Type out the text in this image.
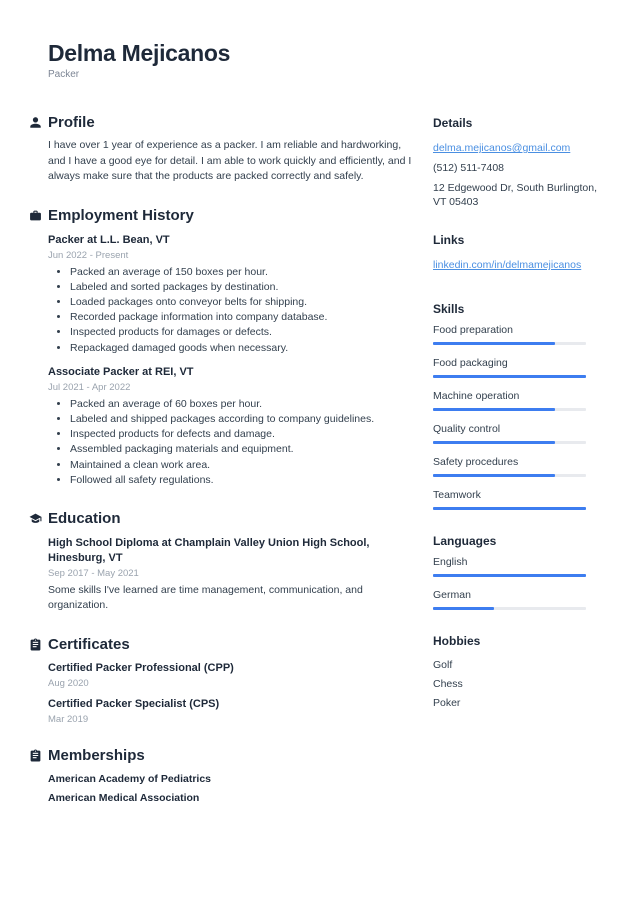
Delma Mejicanos
Packer
Profile

I have over 1 year of experience as a packer. I am reliable and hardworking, and I have a good eye for detail. I am able to work quickly and efficiently, and I always make sure that the products are packed correctly and safely.

Employment History
Packer at L.L. Bean, VT
Jun 2022 - Present
• Packed an average of 150 boxes per hour.
• Labeled and sorted packages by destination.
• Loaded packages onto conveyor belts for shipping.
• Recorded package information into company database.
• Inspected products for damages or defects.
• Repackaged damaged goods when necessary.
Associate Packer at REI, VT
Jul 2021 - Apr 2022
• Packed an average of 60 boxes per hour.
• Labeled and shipped packages according to company guidelines.
• Inspected products for defects and damage.
• Assembled packaging materials and equipment.
• Maintained a clean work area.
• Followed all safety regulations.
Education
High School Diploma at Champlain Valley Union High School, Hinesburg, VT
Sep 2017 - May 2021

Some skills I've learned are time management, communication, and organization.

Certificates
Certified Packer Professional (CPP)
Aug 2020
Certified Packer Specialist (CPS)
Mar 2019
Memberships
American Academy of Pediatrics
American Medical Association
Details
delma.mejicanos@gmail.com
(512) 511-7408
12 Edgewood Dr, South Burlington, VT 05403
Links
linkedin.com/in/delmamejicanos
Skills
Food preparation
Food packaging
Machine operation
Quality control
Safety procedures
Teamwork
Languages
English
German
Hobbies
Golf
Chess
Poker
